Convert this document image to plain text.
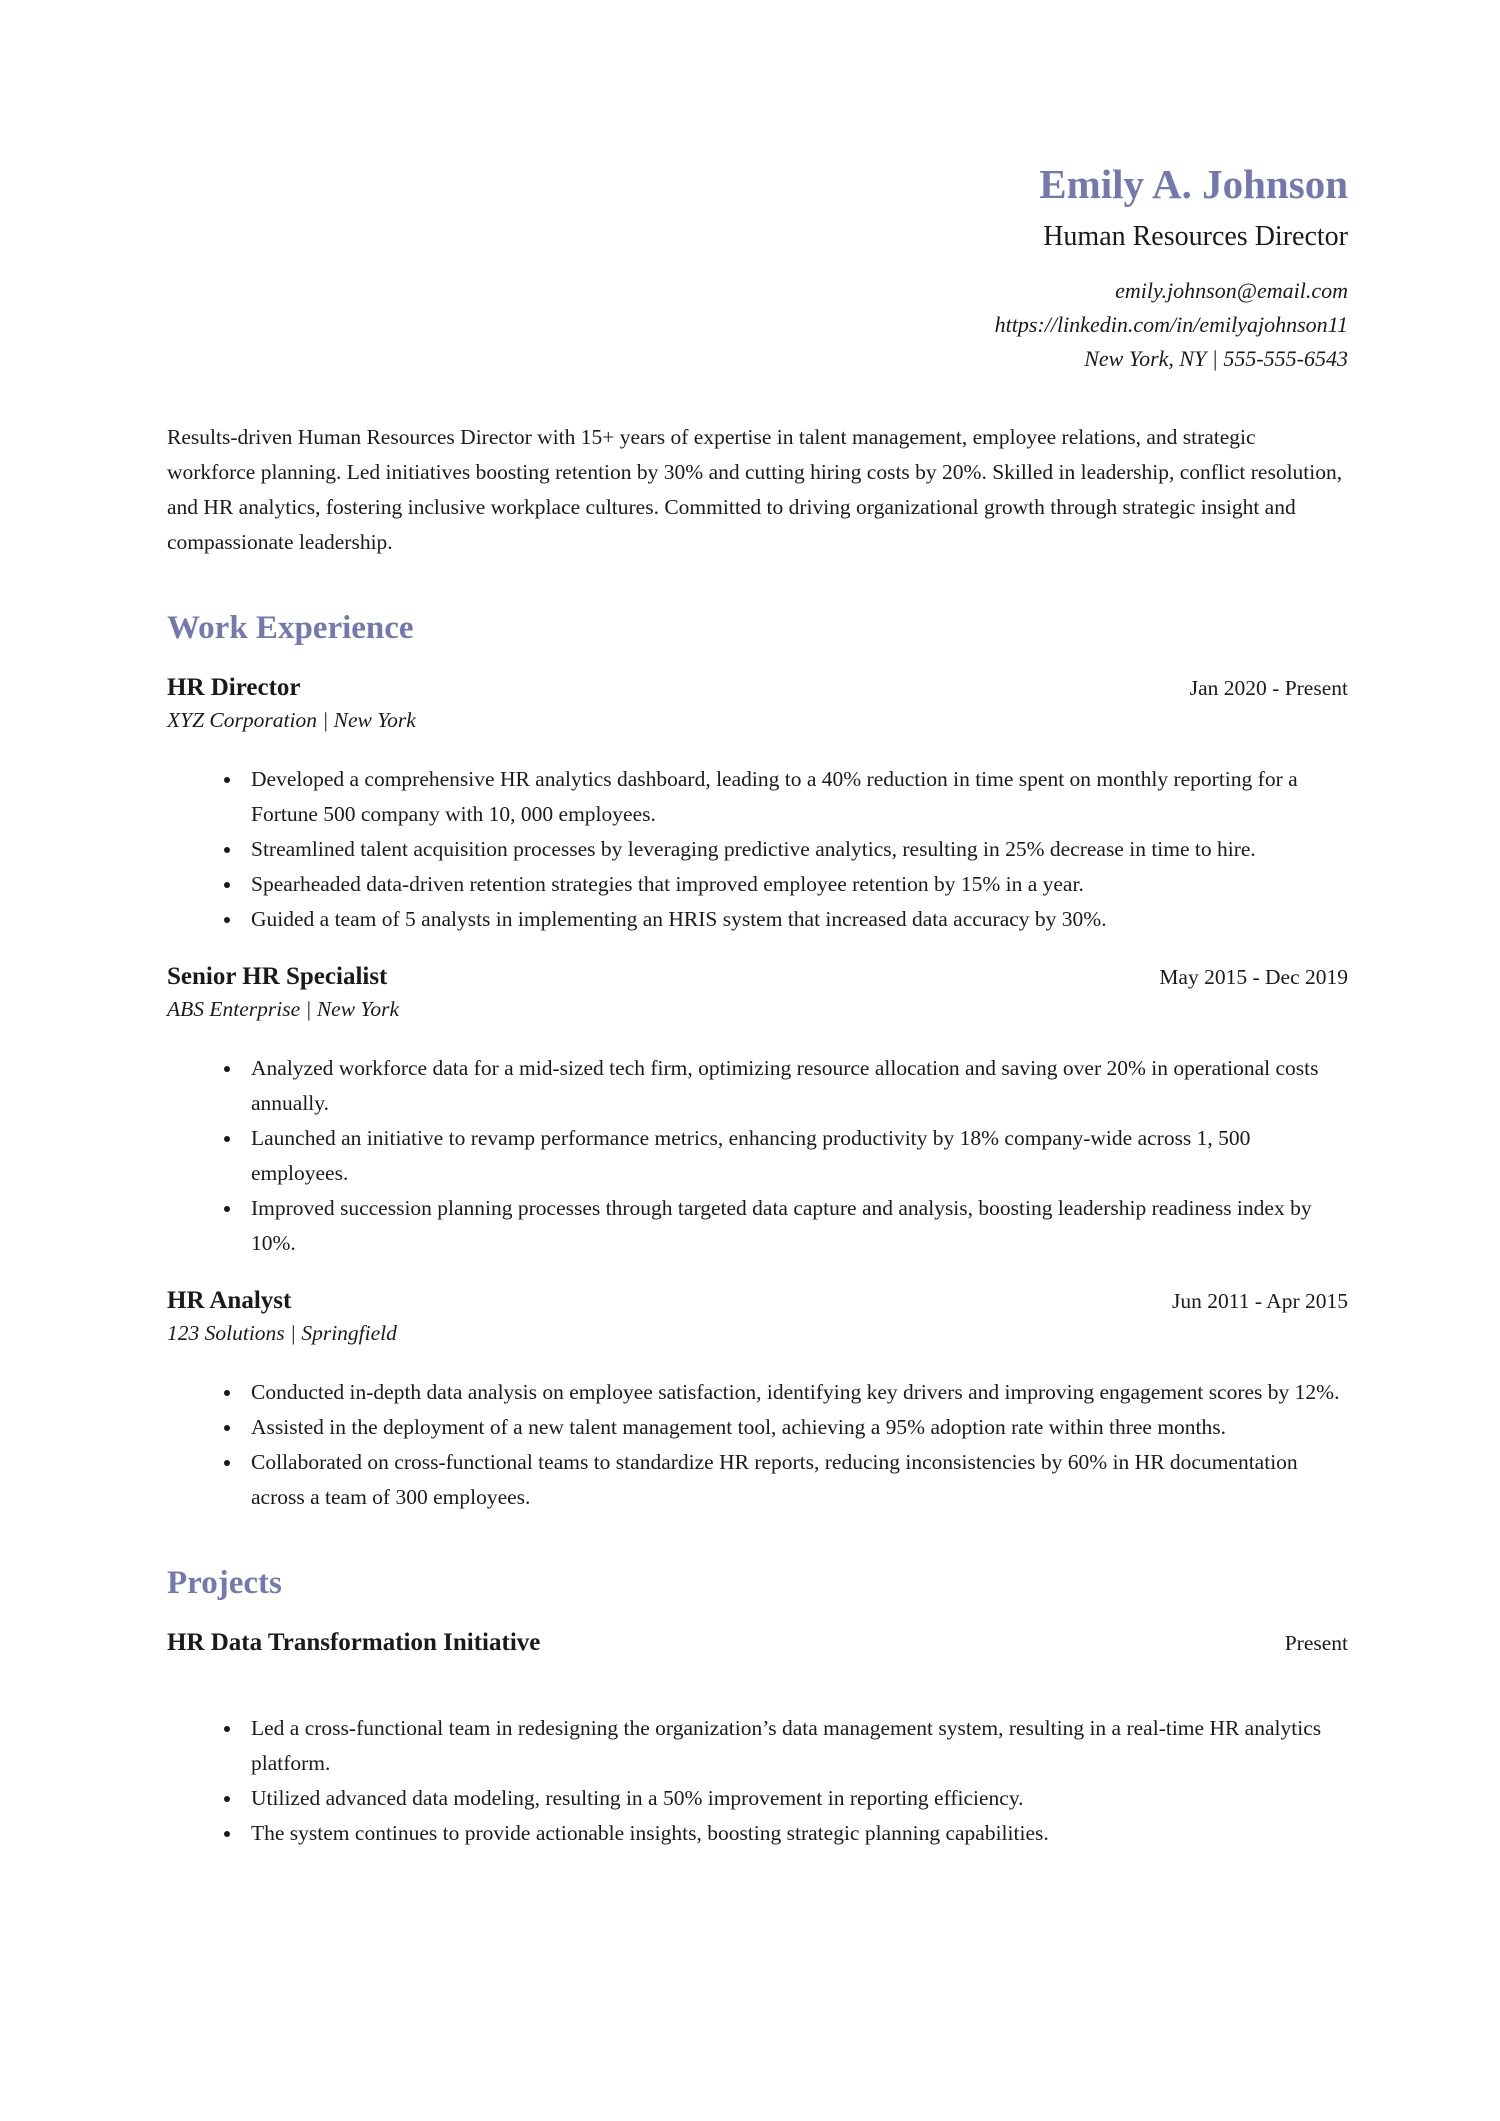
Emily A. Johnson
Human Resources Director
emily.johnson@email.com
https://linkedin.com/in/emilyajohnson11
New York, NY | 555-555-6543
Results-driven Human Resources Director with 15+ years of expertise in talent management, employee relations, and strategic workforce planning. Led initiatives boosting retention by 30% and cutting hiring costs by 20%. Skilled in leadership, conflict resolution, and HR analytics, fostering inclusive workplace cultures. Committed to driving organizational growth through strategic insight and compassionate leadership.
Work Experience
HR Director	Jan 2020 - Present
XYZ Corporation | New York
Developed a comprehensive HR analytics dashboard, leading to a 40% reduction in time spent on monthly reporting for a Fortune 500 company with 10, 000 employees.
Streamlined talent acquisition processes by leveraging predictive analytics, resulting in 25% decrease in time to hire.
Spearheaded data-driven retention strategies that improved employee retention by 15% in a year.
Guided a team of 5 analysts in implementing an HRIS system that increased data accuracy by 30%.
Senior HR Specialist	May 2015 - Dec 2019
ABS Enterprise | New York
Analyzed workforce data for a mid-sized tech firm, optimizing resource allocation and saving over 20% in operational costs annually.
Launched an initiative to revamp performance metrics, enhancing productivity by 18% company-wide across 1, 500 employees.
Improved succession planning processes through targeted data capture and analysis, boosting leadership readiness index by 10%.
HR Analyst	Jun 2011 - Apr 2015
123 Solutions | Springfield
Conducted in-depth data analysis on employee satisfaction, identifying key drivers and improving engagement scores by 12%.
Assisted in the deployment of a new talent management tool, achieving a 95% adoption rate within three months.
Collaborated on cross-functional teams to standardize HR reports, reducing inconsistencies by 60% in HR documentation across a team of 300 employees.
Projects
HR Data Transformation Initiative	Present
Led a cross-functional team in redesigning the organization’s data management system, resulting in a real-time HR analytics platform.
Utilized advanced data modeling, resulting in a 50% improvement in reporting efficiency.
The system continues to provide actionable insights, boosting strategic planning capabilities.
